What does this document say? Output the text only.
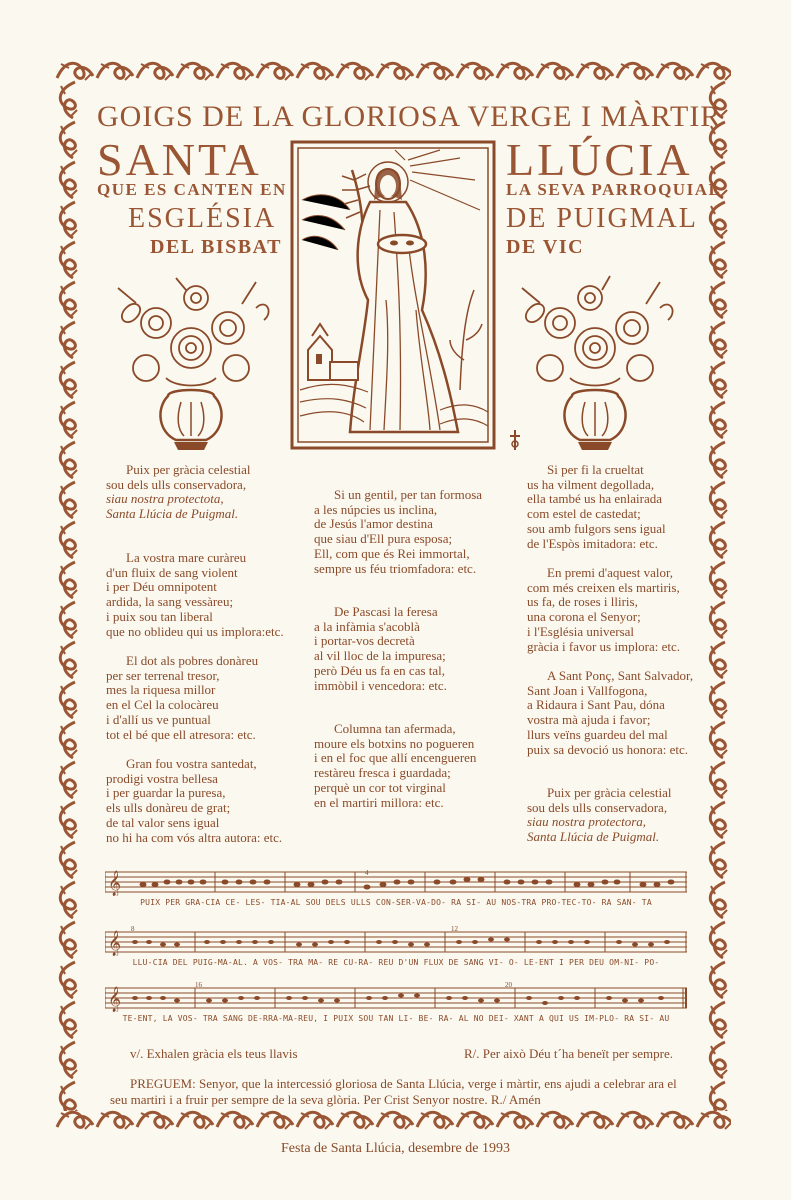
GOIGS DE LA GLORIOSA VERGE I MÀRTIR
SANTA	LLÚCIA
QUE ES CANTEN EN	LA SEVA PARROQUIAL
ESGLÉSIA	DE PUIGMAL
DEL BISBAT	DE VIC
Puix per gràcia celestial
sou dels ulls conservadora,
siau nostra protectota,
Santa Llúcia de Puigmal.
La vostra mare curàreu
d'un fluix de sang violent
i per Déu omnipotent
ardida, la sang vessàreu;
i puix sou tan liberal
que no oblideu qui us implora:etc.
El dot als pobres donàreu
per ser terrenal tresor,
mes la riquesa millor
en el Cel la colocàreu
i d'allí us ve puntual
tot el bé que ell atresora: etc.
Gran fou vostra santedat,
prodigi vostra bellesa
i per guardar la puresa,
els ulls donàreu de grat;
de tal valor sens igual
no hi ha com vós altra autora: etc.
Si un gentil, per tan formosa
a les núpcies us inclina,
de Jesús l'amor destina
que siau d'Ell pura esposa;
Ell, com que és Rei immortal,
sempre us féu triomfadora: etc.
De Pascasi la feresa
a la infàmia s'acoblà
i portar-vos decretà
al vil lloc de la impuresa;
però Déu us fa en cas tal,
immòbil i vencedora: etc.
Columna tan afermada,
moure els botxins no pogueren
i en el foc que allí encengueren
restàreu fresca i guardada;
perquè un cor tot virginal
en el martiri millora: etc.
Si per fi la crueltat
us ha vilment degollada,
ella també us ha enlairada
com estel de castedat;
sou amb fulgors sens igual
de l'Espòs imitadora: etc.
En premi d'aquest valor,
com més creixen els martiris,
us fa, de roses i lliris,
una corona el Senyor;
i l'Església universal
gràcia i favor us implora: etc.
A Sant Ponç, Sant Salvador,
Sant Joan i Vallfogona,
a Ridaura i Sant Pau, dóna
vostra mà ajuda i favor;
llurs veïns guardeu del mal
puix sa devoció us honora: etc.
Puix per gràcia celestial
sou dels ulls conservadora,
siau nostra protectora,
Santa Llúcia de Puigmal.
𝄞	4
PUIX PER GRA-CIA CE- LES- TIA-AL SOU DELS ULLS CON-SER-VA-DO- RA SI- AU NOS-TRA PRO-TEC-TO- RA SAN- TA
𝄞
8	12
LLU-CIA DEL PUIG-MA-AL. A VOS- TRA MA- RE CU-RA- REU D'UN FLUX DE SANG VI- O- LE-ENT I PER DEU OM-NI- PO-
𝄞
16	20
TE-ENT, LA VOS- TRA SANG DE-RRA-MA-REU, I PUIX SOU TAN LI- BE- RA- AL NO DEI- XANT A QUI US IM-PLO- RA SI- AU
v/. Exhalen gràcia els teus llavis	R/. Per això Déu t´ha beneït per sempre.
PREGUEM: Senyor, que la intercessió gloriosa de Santa Llúcia, verge i màrtir, ens ajudi a celebrar ara el seu martiri i a fruir per sempre de la seva glòria. Per Crist Senyor nostre. R./ Amén
Festa de Santa Llúcia, desembre de 1993
